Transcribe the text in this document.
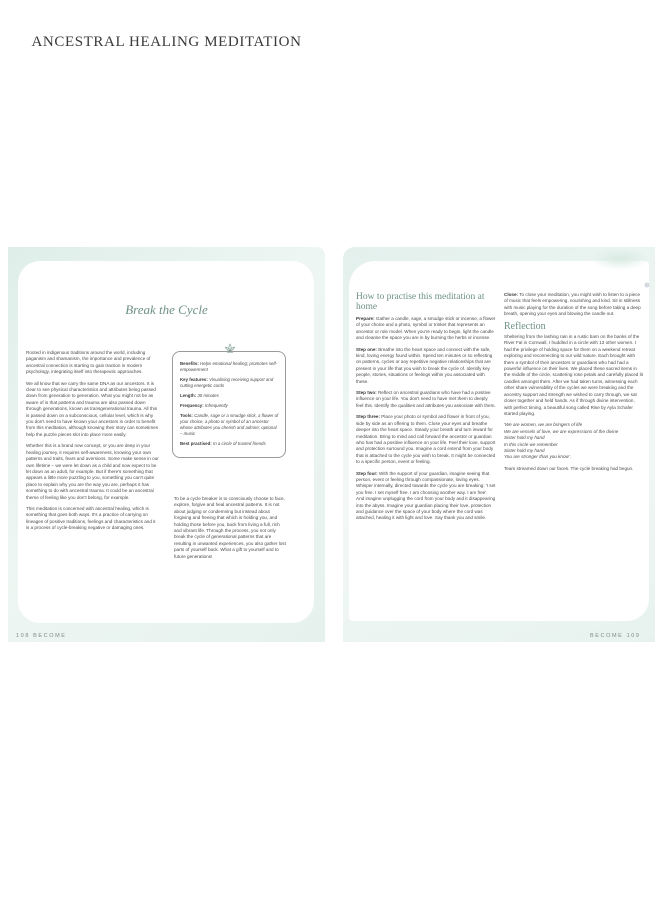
ANCESTRAL HEALING MEDITATION
Break the Cycle

Rooted in indigenous traditions around the world, including paganism and shamanism, the importance and prevalence of ancestral connection is starting to gain traction in modern psychology, integrating itself into therapeutic approaches.

We all know that we carry the same DNA as our ancestors. It is clear to see physical characteristics and attributes being passed down from generation to generation. What you might not be as aware of is that patterns and trauma are also passed down through generations, known as transgenerational trauma. All this is passed down on a subconscious, cellular level, which is why you don't need to have known your ancestors in order to benefit from this meditation, although knowing their story can sometimes help the puzzle pieces slot into place more easily.

Whether this is a brand new concept, or you are deep in your healing journey, it requires self-awareness, knowing your own patterns and traits, fears and aversions. Some make sense in our own lifetime – we were let down as a child and now expect to be let down as an adult, for example. But if there's something that appears a little more puzzling to you, something you can't quite place to explain why you are the way you are, perhaps it has something to do with ancestral trauma. It could be an ancestral theme of feeling like you don't belong, for example.

This meditation is concerned with ancestral healing, which is something that goes both ways. It's a practice of carrying on lineages of positive traditions, feelings and characteristics and it is a process of cycle-breaking negative or damaging ones.

Benefits: Helps emotional healing; promotes self-empowerment

Key features: Visualising receiving support and cutting energetic cords

Length: 30 minutes

Frequency: Infrequently

Tools: Candle, sage or a smudge stick, a flower of your choice, a photo or symbol of an ancestor whose attributes you cherish and admire; optional – music

Best practised: In a circle of trusted friends

To be a cycle breaker is to consciously choose to face, explore, forgive and heal ancestral patterns. It is not about judging or condemning but instead about forgiving and freeing that which is holding you, and holding those before you, back from living a full, rich and vibrant life. Through the process, you not only break the cycle of generational patterns that are resulting in unwanted experiences, you also gather lost parts of yourself back. What a gift to yourself and to future generations!

108 BECOME
How to practise this meditation at home

Prepare: Gather a candle, sage, a smudge stick or incense, a flower of your choice and a photo, symbol or trinket that represents an ancestor or role model. When you're ready to begin, light the candle and cleanse the space you are in by burning the herbs or incense.

Step one: Breathe into the heart space and connect with the safe, kind, loving energy found within. Spend ten minutes or so reflecting on patterns, cycles or any repetitive negative relationships that are present in your life that you wish to break the cycle of. Identify key people, stories, situations or feelings within you associated with these.

Step two: Reflect on ancestral guardians who have had a positive influence on your life. You don't need to have met them to deeply feel this. Identify the qualities and attributes you associate with them.

Step three: Place your photo or symbol and flower in front of you, side by side as an offering to them. Close your eyes and breathe deeper into the heart space. Steady your breath and turn inward for meditation. Bring to mind and call forward the ancestor or guardian who has had a positive influence on your life. Feel their love, support and protection surround you. Imagine a cord extend from your body that is attached to the cycle you wish to break. It might be connected to a specific person, event or feeling.

Step four: With the support of your guardian, imagine seeing that person, event or feeling through compassionate, loving eyes. Whisper internally, directed towards the cycle you are breaking: 'I set you free. I set myself free. I am choosing another way. I am free'. And imagine unplugging the cord from your body and it disappearing into the abyss. Imagine your guardian placing their love, protection and guidance over the space of your body where the cord was attached, healing it with light and love. Say thank you and smile.

Close: To close your meditation, you might wish to listen to a piece of music that feels empowering, nourishing and kind. Sit in stillness with music playing for the duration of the song before taking a deep breath, opening your eyes and blowing the candle out.

Reflection

Sheltering from the lashing rain in a rustic barn on the banks of the River Fal in Cornwall, I huddled in a circle with 13 other women. I had the privilege of holding space for them on a weekend retreat exploring and reconnecting to our wild nature. Each brought with them a symbol of their ancestors or guardians who had had a powerful influence on their lives. We placed these sacred items in the middle of the circle, scattering rose petals and carefully placed lit candles amongst them. After we had taken turns, witnessing each other share vulnerability of the cycles we were breaking and the ancestry support and strength we wished to carry through, we sat closer together and held hands. As if through divine intervention, with perfect timing, a beautiful song called Rise by Ayla Schafer started playing.

'We are women, we are bringers of life
We are vessels of love, we are expressions of the divine
Sister hold my hand
In this circle we remember
Sister hold my hand
You are stronger than you know'.

Tears streamed down our faces. The cycle breaking had begun.

BECOME 109
